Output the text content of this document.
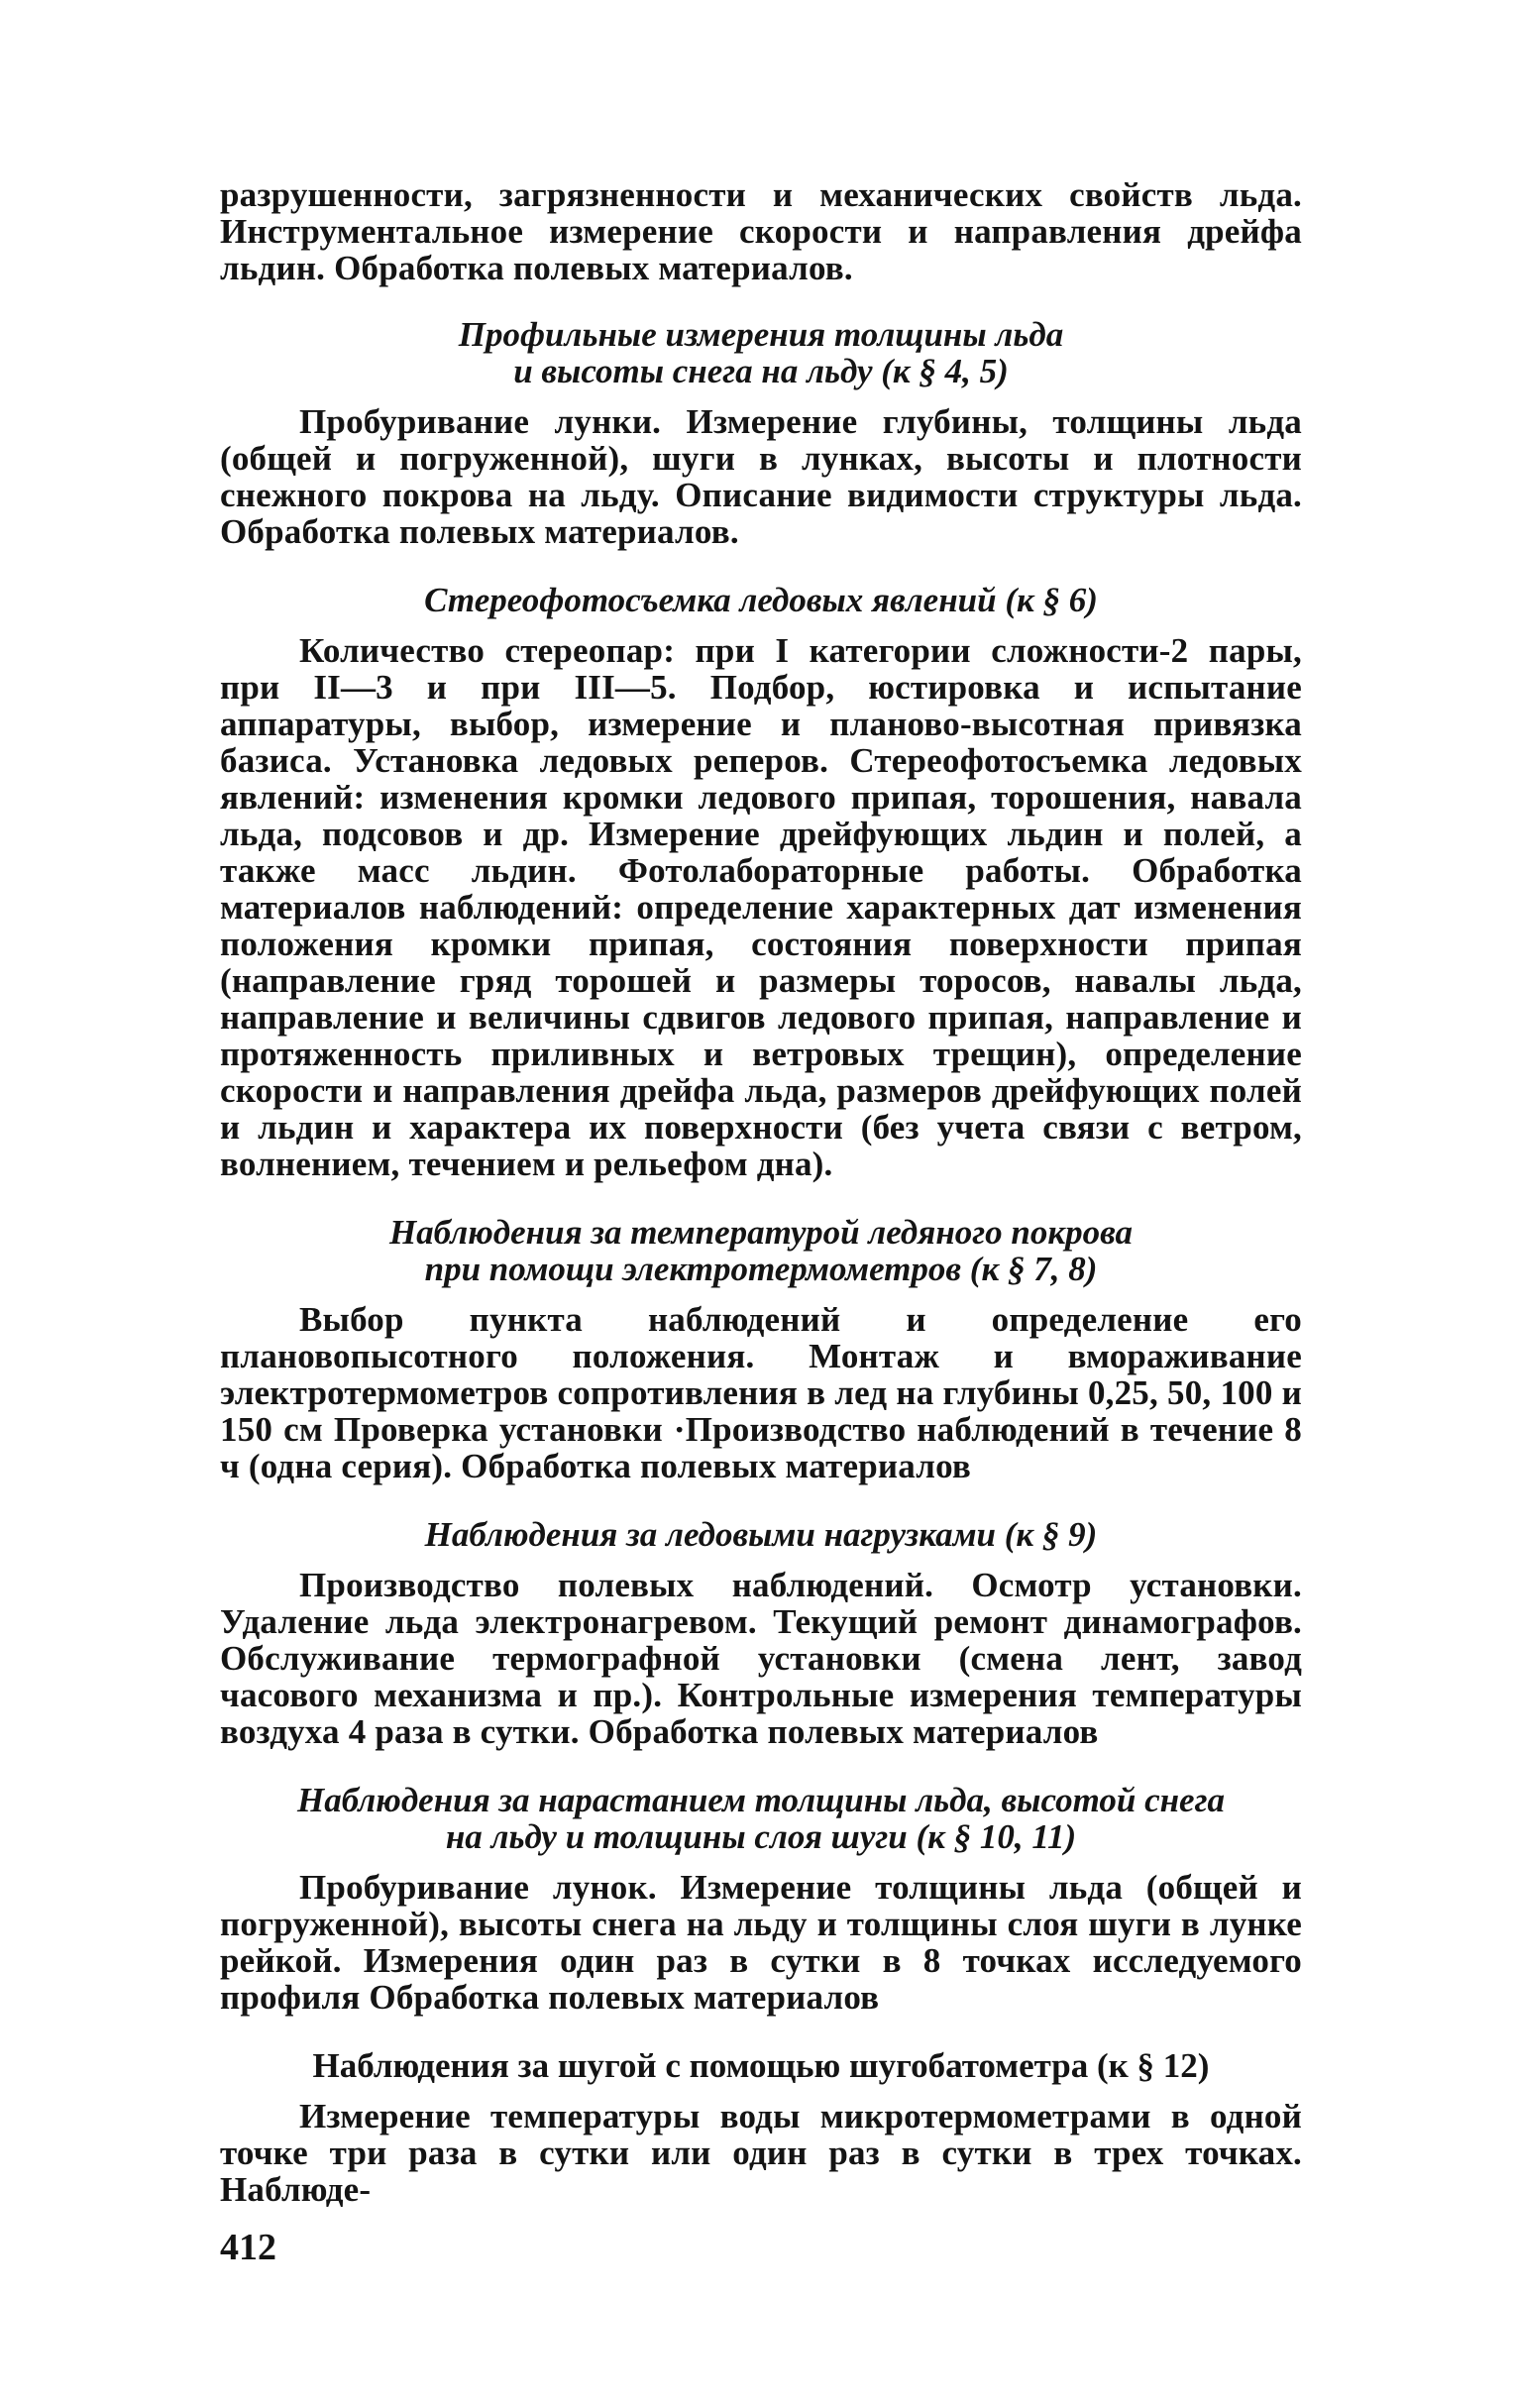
разрушенности, загрязненности и механических свойств льда. Инструментальное измерение скорости и направления дрейфа льдин. Обработка полевых материалов.

Профильные измерения толщины льда
и высоты снега на льду (к § 4, 5)

Пробуривание лунки. Измерение глубины, толщины льда (общей и погруженной), шуги в лунках, высоты и плотности снежного покрова на льду. Описание видимости структуры льда. Обработка полевых материалов.

Стереофотосъемка ледовых явлений (к § 6)

Количество стереопар: при I категории сложности-2 пары, при II—3 и при III—5. Подбор, юстировка и испытание аппаратуры, выбор, измерение и планово-высотная привязка базиса. Установка ледовых реперов. Стереофотосъемка ледовых явлений: изменения кромки ледового припая, торошения, навала льда, подсовов и др. Измерение дрейфующих льдин и полей, а также масс льдин. Фотолабораторные работы. Обработка материалов наблюдений: определение характерных дат изменения положения кромки припая, состояния поверхности припая (направление гряд торошей и размеры торосов, навалы льда, направление и величины сдвигов ледового припая, направление и протяженность приливных и ветровых трещин), определение скорости и направления дрейфа льда, размеров дрейфующих полей и льдин и характера их поверхности (без учета связи с ветром, волнением, течением и рельефом дна).

Наблюдения за температурой ледяного покрова
при помощи электротермометров (к § 7, 8)

Выбор пункта наблюдений и определение его плановопысотного положения. Монтаж и вмораживание электротермометров сопротивления в лед на глубины 0,25, 50, 100 и 150 см Проверка установки ·Производство наблюдений в течение 8 ч (одна серия). Обработка полевых материалов

Наблюдения за ледовыми нагрузками (к § 9)

Производство полевых наблюдений. Осмотр установки. Удаление льда электронагревом. Текущий ремонт динамографов. Обслуживание термографной установки (смена лент, завод часового механизма и пр.). Контрольные измерения температуры воздуха 4 раза в сутки. Обработка полевых материалов

Наблюдения за нарастанием толщины льда, высотой снега
на льду и толщины слоя шуги (к § 10, 11)

Пробуривание лунок. Измерение толщины льда (общей и погруженной), высоты снега на льду и толщины слоя шуги в лунке рейкой. Измерения один раз в сутки в 8 точках исследуемого профиля Обработка полевых материалов

Наблюдения за шугой с помощью шугобатометра (к § 12)

Измерение температуры воды микротермометрами в одной точке три раза в сутки или один раз в сутки в трех точках. Наблюде-

412
